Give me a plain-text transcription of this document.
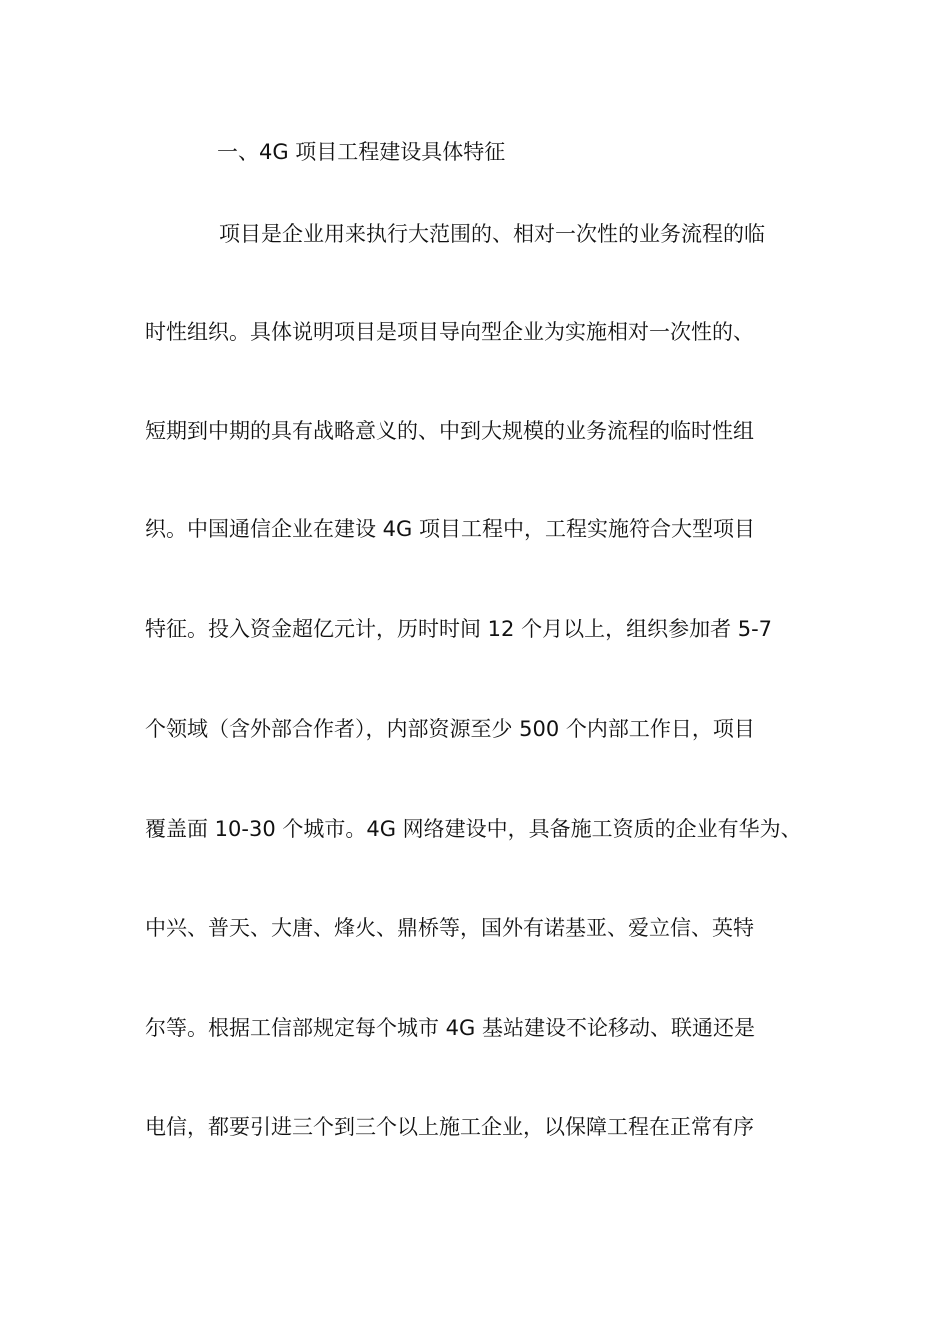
一、4G 项目工程建设具体特征
项目是企业用来执行大范围的、相对一次性的业务流程的临
时性组织。具体说明项目是项目导向型企业为实施相对一次性的、
短期到中期的具有战略意义的、中到大规模的业务流程的临时性组
织。中国通信企业在建设 4G 项目工程中，工程实施符合大型项目
特征。投入资金超亿元计，历时时间 12 个月以上，组织参加者 5-7
个领域（含外部合作者），内部资源至少 500 个内部工作日，项目
覆盖面 10-30 个城市。4G 网络建设中，具备施工资质的企业有华为、
中兴、普天、大唐、烽火、鼎桥等，国外有诺基亚、爱立信、英特
尔等。根据工信部规定每个城市 4G 基站建设不论移动、联通还是
电信，都要引进三个到三个以上施工企业，以保障工程在正常有序
